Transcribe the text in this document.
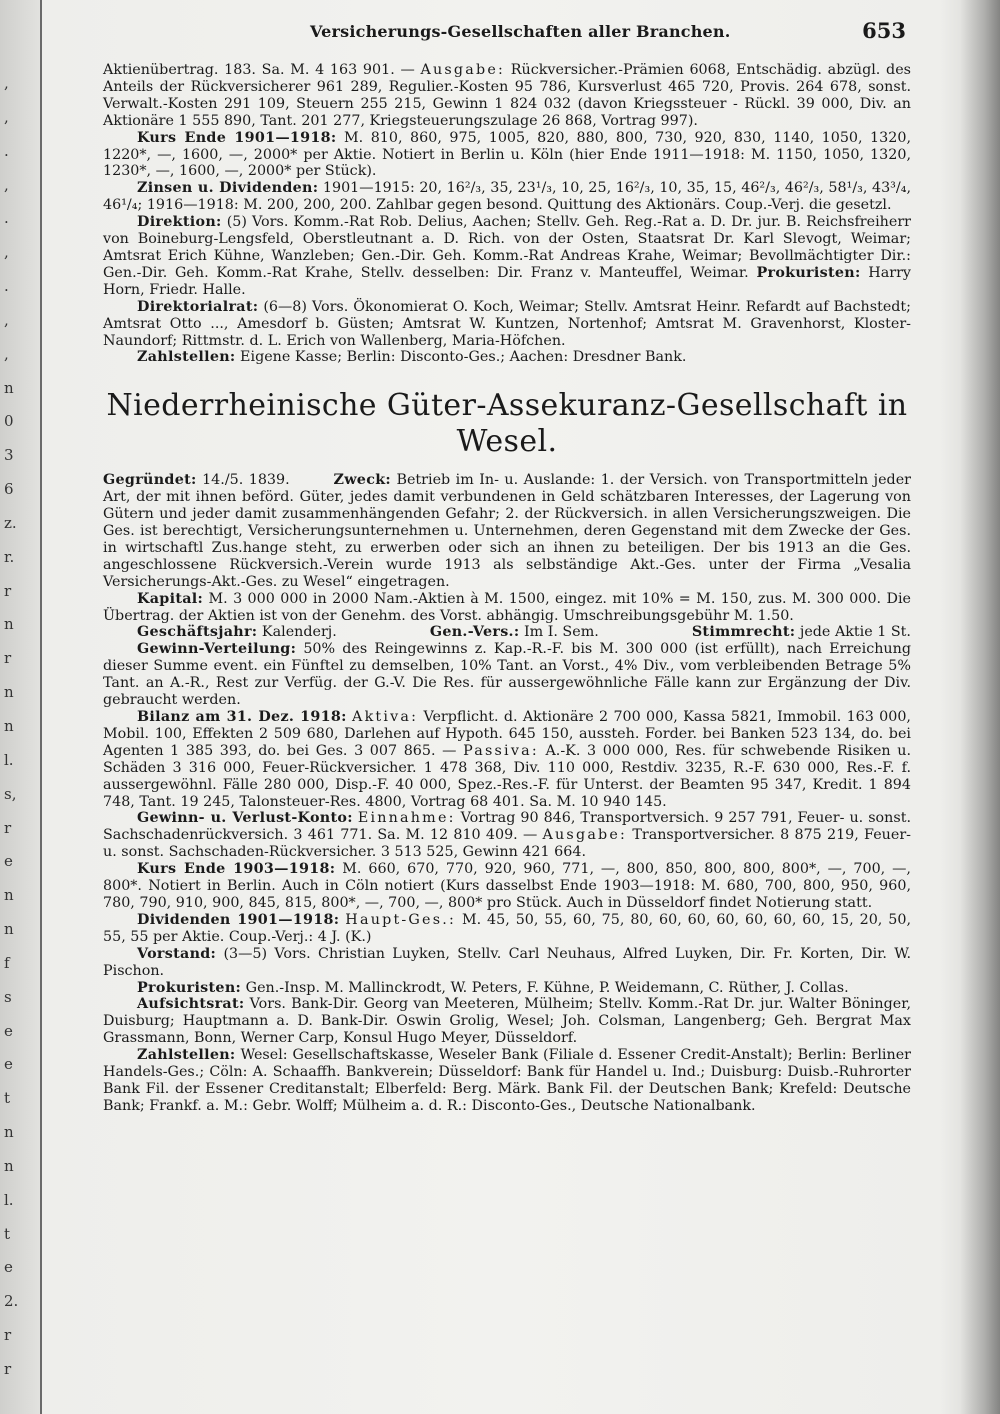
,
,
.
,
.
,
.
,
,
n
0
3
6
z.
r.
r
n
r
n
n
l.
s,
r
e
n
n
f
s
e
e
t
n
n
l.
t
e
2.
r
r
Versicherungs-Gesellschaften aller Branchen.	653

Aktienübertrag. 183. Sa. M. 4 163 901. — Ausgabe: Rückversicher.-Prämien 6068, Entschädig. abzügl. des Anteils der Rückversicherer 961 289, Regulier.-Kosten 95 786, Kursverlust 465 720, Provis. 264 678, sonst. Verwalt.-Kosten 291 109, Steuern 255 215, Gewinn 1 824 032 (davon Kriegssteuer - Rückl. 39 000, Div. an Aktionäre 1 555 890, Tant. 201 277, Kriegsteuerungszulage 26 868, Vortrag 997).

Kurs Ende 1901—1918: M. 810, 860, 975, 1005, 820, 880, 800, 730, 920, 830, 1140, 1050, 1320, 1220*, —, 1600, —, 2000* per Aktie. Notiert in Berlin u. Köln (hier Ende 1911—1918: M. 1150, 1050, 1320, 1230*, —, 1600, —, 2000* per Stück).

Zinsen u. Dividenden: 1901—1915: 20, 16²/₃, 35, 23¹/₃, 10, 25, 16²/₃, 10, 35, 15, 46²/₃, 46²/₃, 58¹/₃, 43³/₄, 46¹/₄; 1916—1918: M. 200, 200, 200. Zahlbar gegen besond. Quittung des Aktionärs. Coup.-Verj. die gesetzl.

Direktion: (5) Vors. Komm.-Rat Rob. Delius, Aachen; Stellv. Geh. Reg.-Rat a. D. Dr. jur. B. Reichsfreiherr von Boineburg-Lengsfeld, Oberstleutnant a. D. Rich. von der Osten, Staatsrat Dr. Karl Slevogt, Weimar; Amtsrat Erich Kühne, Wanzleben; Gen.-Dir. Geh. Komm.-Rat Andreas Krahe, Weimar; Bevollmächtigter Dir.: Gen.-Dir. Geh. Komm.-Rat Krahe, Stellv. desselben: Dir. Franz v. Manteuffel, Weimar. Prokuristen: Harry Horn, Friedr. Halle.

Direktorialrat: (6—8) Vors. Ökonomierat O. Koch, Weimar; Stellv. Amtsrat Heinr. Refardt auf Bachstedt; Amtsrat Otto ..., Amesdorf b. Güsten; Amtsrat W. Kuntzen, Nortenhof; Amtsrat M. Gravenhorst, Kloster-Naundorf; Rittmstr. d. L. Erich von Wallenberg, Maria-Höfchen.

Zahlstellen: Eigene Kasse; Berlin: Disconto-Ges.; Aachen: Dresdner Bank.

Niederrheinische Güter-Assekuranz-Gesellschaft in Wesel.

Gegründet: 14./5. 1839.	Zweck: Betrieb im In- u. Auslande: 1. der Versich. von Transportmitteln jeder Art, der mit ihnen beförd. Güter, jedes damit verbundenen in Geld schätzbaren Interesses, der Lagerung von Gütern und jeder damit zusammenhängenden Gefahr; 2. der Rückversich. in allen Versicherungszweigen. Die Ges. ist berechtigt, Versicherungsunternehmen u. Unternehmen, deren Gegenstand mit dem Zwecke der Ges. in wirtschaftl Zus.hange steht, zu erwerben oder sich an ihnen zu beteiligen. Der bis 1913 an die Ges. angeschlossene Rückversich.-Verein wurde 1913 als selbständige Akt.-Ges. unter der Firma „Vesalia Versicherungs-Akt.-Ges. zu Wesel“ eingetragen.

Kapital: M. 3 000 000 in 2000 Nam.-Aktien à M. 1500, eingez. mit 10% = M. 150, zus. M. 300 000. Die Übertrag. der Aktien ist von der Genehm. des Vorst. abhängig. Umschreibungsgebühr M. 1.50.

Geschäftsjahr: Kalenderj.	Gen.-Vers.: Im I. Sem.	Stimmrecht: jede Aktie 1 St.

Gewinn-Verteilung: 50% des Reingewinns z. Kap.-R.-F. bis M. 300 000 (ist erfüllt), nach Erreichung dieser Summe event. ein Fünftel zu demselben, 10% Tant. an Vorst., 4% Div., vom verbleibenden Betrage 5% Tant. an A.-R., Rest zur Verfüg. der G.-V. Die Res. für aussergewöhnliche Fälle kann zur Ergänzung der Div. gebraucht werden.

Bilanz am 31. Dez. 1918: Aktiva: Verpflicht. d. Aktionäre 2 700 000, Kassa 5821, Immobil. 163 000, Mobil. 100, Effekten 2 509 680, Darlehen auf Hypoth. 645 150, aussteh. Forder. bei Banken 523 134, do. bei Agenten 1 385 393, do. bei Ges. 3 007 865. — Passiva: A.-K. 3 000 000, Res. für schwebende Risiken u. Schäden 3 316 000, Feuer-Rückversicher. 1 478 368, Div. 110 000, Restdiv. 3235, R.-F. 630 000, Res.-F. f. aussergewöhnl. Fälle 280 000, Disp.-F. 40 000, Spez.-Res.-F. für Unterst. der Beamten 95 347, Kredit. 1 894 748, Tant. 19 245, Talonsteuer-Res. 4800, Vortrag 68 401. Sa. M. 10 940 145.

Gewinn- u. Verlust-Konto: Einnahme: Vortrag 90 846, Transportversich. 9 257 791, Feuer- u. sonst. Sachschadenrückversich. 3 461 771. Sa. M. 12 810 409. — Ausgabe: Transportversicher. 8 875 219, Feuer- u. sonst. Sachschaden-Rückversicher. 3 513 525, Gewinn 421 664.

Kurs Ende 1903—1918: M. 660, 670, 770, 920, 960, 771, —, 800, 850, 800, 800, 800*, —, 700, —, 800*. Notiert in Berlin. Auch in Cöln notiert (Kurs dasselbst Ende 1903—1918: M. 680, 700, 800, 950, 960, 780, 790, 910, 900, 845, 815, 800*, —, 700, —, 800* pro Stück. Auch in Düsseldorf findet Notierung statt.

Dividenden 1901—1918: Haupt-Ges.: M. 45, 50, 55, 60, 75, 80, 60, 60, 60, 60, 60, 60, 15, 20, 50, 55, 55 per Aktie. Coup.-Verj.: 4 J. (K.)

Vorstand: (3—5) Vors. Christian Luyken, Stellv. Carl Neuhaus, Alfred Luyken, Dir. Fr. Korten, Dir. W. Pischon.

Prokuristen: Gen.-Insp. M. Mallinckrodt, W. Peters, F. Kühne, P. Weidemann, C. Rüther, J. Collas.

Aufsichtsrat: Vors. Bank-Dir. Georg van Meeteren, Mülheim; Stellv. Komm.-Rat Dr. jur. Walter Böninger, Duisburg; Hauptmann a. D. Bank-Dir. Oswin Grolig, Wesel; Joh. Colsman, Langenberg; Geh. Bergrat Max Grassmann, Bonn, Werner Carp, Konsul Hugo Meyer, Düsseldorf.

Zahlstellen: Wesel: Gesellschaftskasse, Weseler Bank (Filiale d. Essener Credit-Anstalt); Berlin: Berliner Handels-Ges.; Cöln: A. Schaaffh. Bankverein; Düsseldorf: Bank für Handel u. Ind.; Duisburg: Duisb.-Ruhrorter Bank Fil. der Essener Creditanstalt; Elberfeld: Berg. Märk. Bank Fil. der Deutschen Bank; Krefeld: Deutsche Bank; Frankf. a. M.: Gebr. Wolff; Mülheim a. d. R.: Disconto-Ges., Deutsche Nationalbank.
